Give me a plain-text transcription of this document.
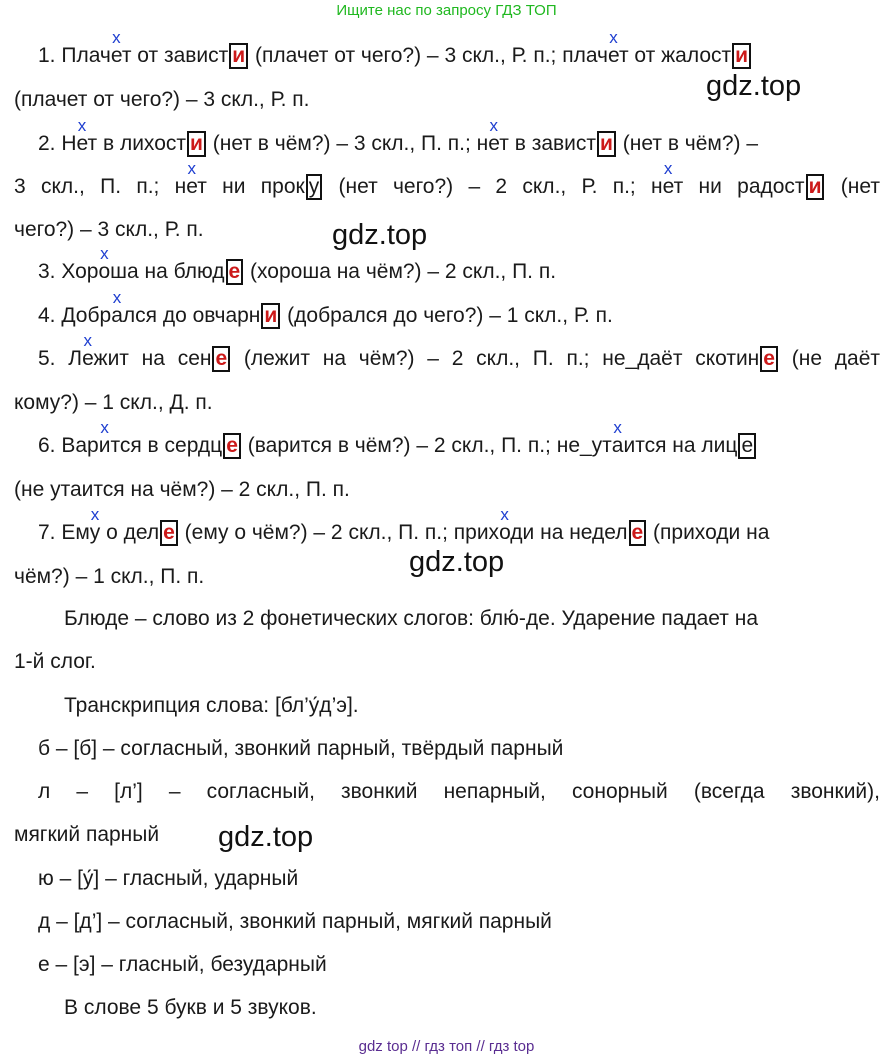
Ищите нас по запросу ГДЗ ТОП
1. Плачx ет от завист и (плачет от чего?) – 3 скл., Р. п.; плачx ет от жалост и
(плачет от чего?) – 3 скл., Р. п.
2. Нx ет в лихост и (нет в чём?) – 3 скл., П. п.; нx ет в завист и (нет в чём?) –
3 скл., П. п.; нx ет ни прок у (нет чего?) – 2 скл., Р. п.; нx ет ни радост и (нет
чего?) – 3 скл., Р. п.
3. Хорx оша на блюд е (хороша на чём?) – 2 скл., П. п.
4. Добрx ался до овчарн и (добрался до чего?) – 1 скл., Р. п.
5. Лx ежит на сен е (лежит на чём?) – 2 скл., П. п.; не_даёт скотин е (не даёт
кому?) – 1 скл., Д. п.
6. Варx ится в сердц е (варится в чём?) – 2 скл., П. п.; не_утx аится на лиц е
(не утаится на чём?) – 2 скл., П. п.
7. Емx у о дел е (ему о чём?) – 2 скл., П. п.; прихx оди на недел е (приходи на
чём?) – 1 скл., П. п.
Блюде – слово из 2 фонетических слогов: блю́-де. Ударение падает на
1-й слог.
Транскрипция слова: [бл’у́д’э].
б – [б] – согласный, звонкий парный, твёрдый парный
л – [л’] – согласный, звонкий непарный, сонорный (всегда звонкий),
мягкий парный
ю – [у́] – гласный, ударный
д – [д’] – согласный, звонкий парный, мягкий парный
е – [э] – гласный, безударный
В слове 5 букв и 5 звуков.
gdz.top
gdz.top
gdz.top
gdz.top
gdz top // гдз топ // гдз top
